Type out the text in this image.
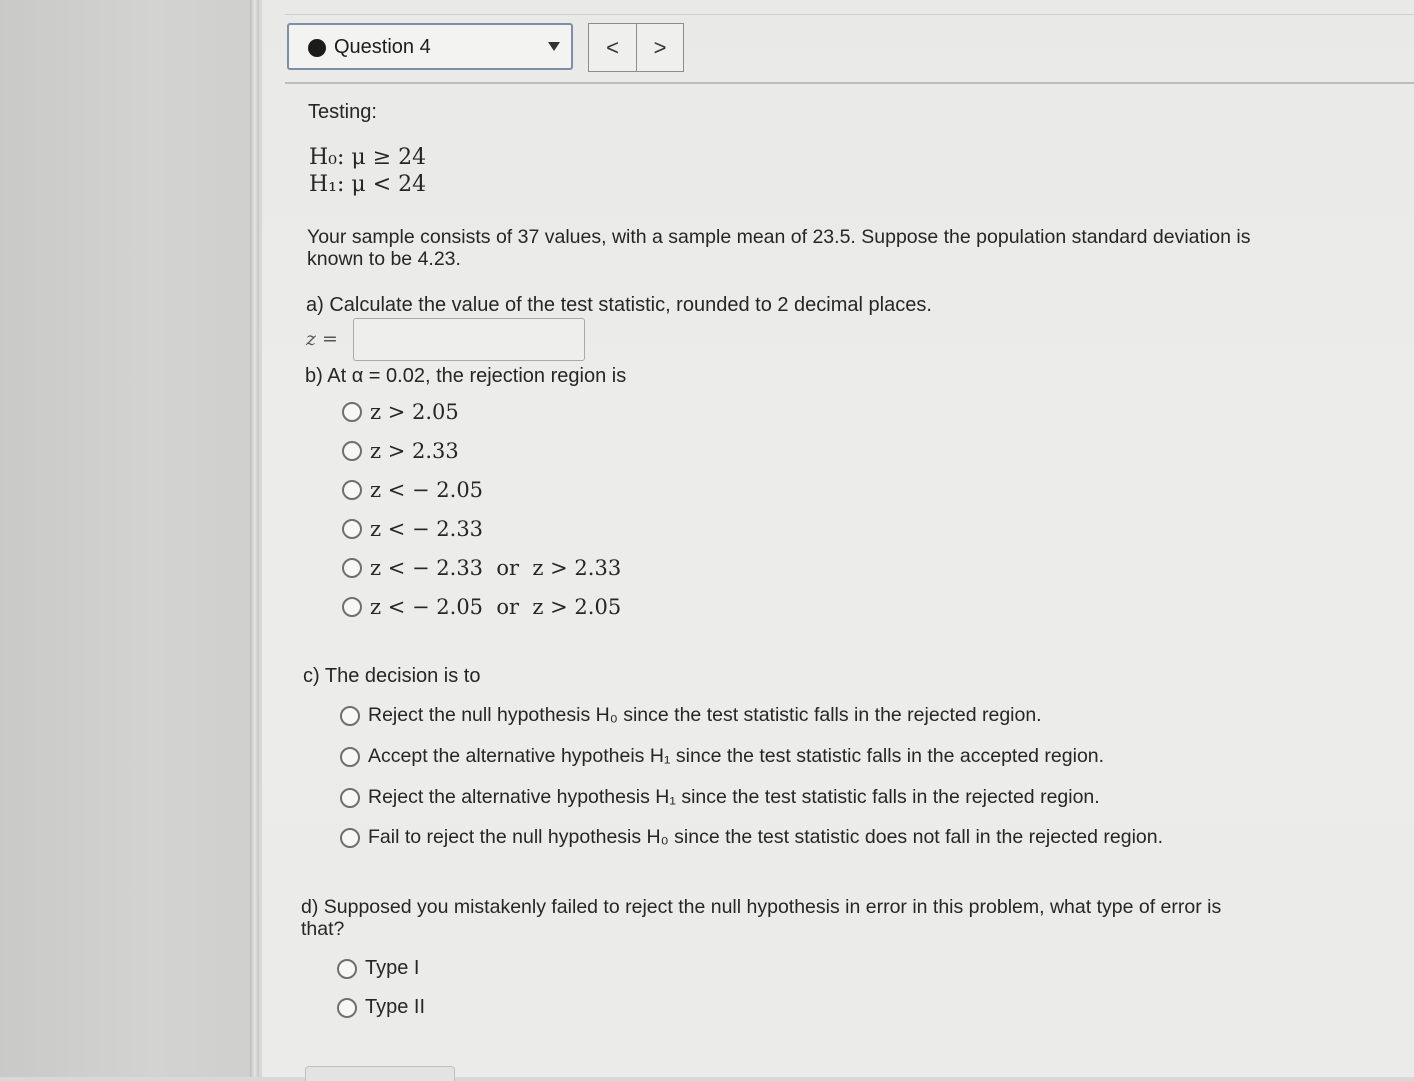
Question 4	<	>
Testing:
H₀: μ ≥ 24
H₁: μ < 24
Your sample consists of 37 values, with a sample mean of 23.5. Suppose the population standard deviation is
known to be 4.23.
a) Calculate the value of the test statistic, rounded to 2 decimal places.
z =
b) At α = 0.02, the rejection region is
z > 2.05
z > 2.33
z < − 2.05
z < − 2.33
z < − 2.33  or  z > 2.33
z < − 2.05  or  z > 2.05
c) The decision is to
Reject the null hypothesis H₀ since the test statistic falls in the rejected region.
Accept the alternative hypotheis H₁ since the test statistic falls in the accepted region.
Reject the alternative hypothesis H₁ since the test statistic falls in the rejected region.
Fail to reject the null hypothesis H₀ since the test statistic does not fall in the rejected region.
d) Supposed you mistakenly failed to reject the null hypothesis in error in this problem, what type of error is
that?
Type I
Type II
